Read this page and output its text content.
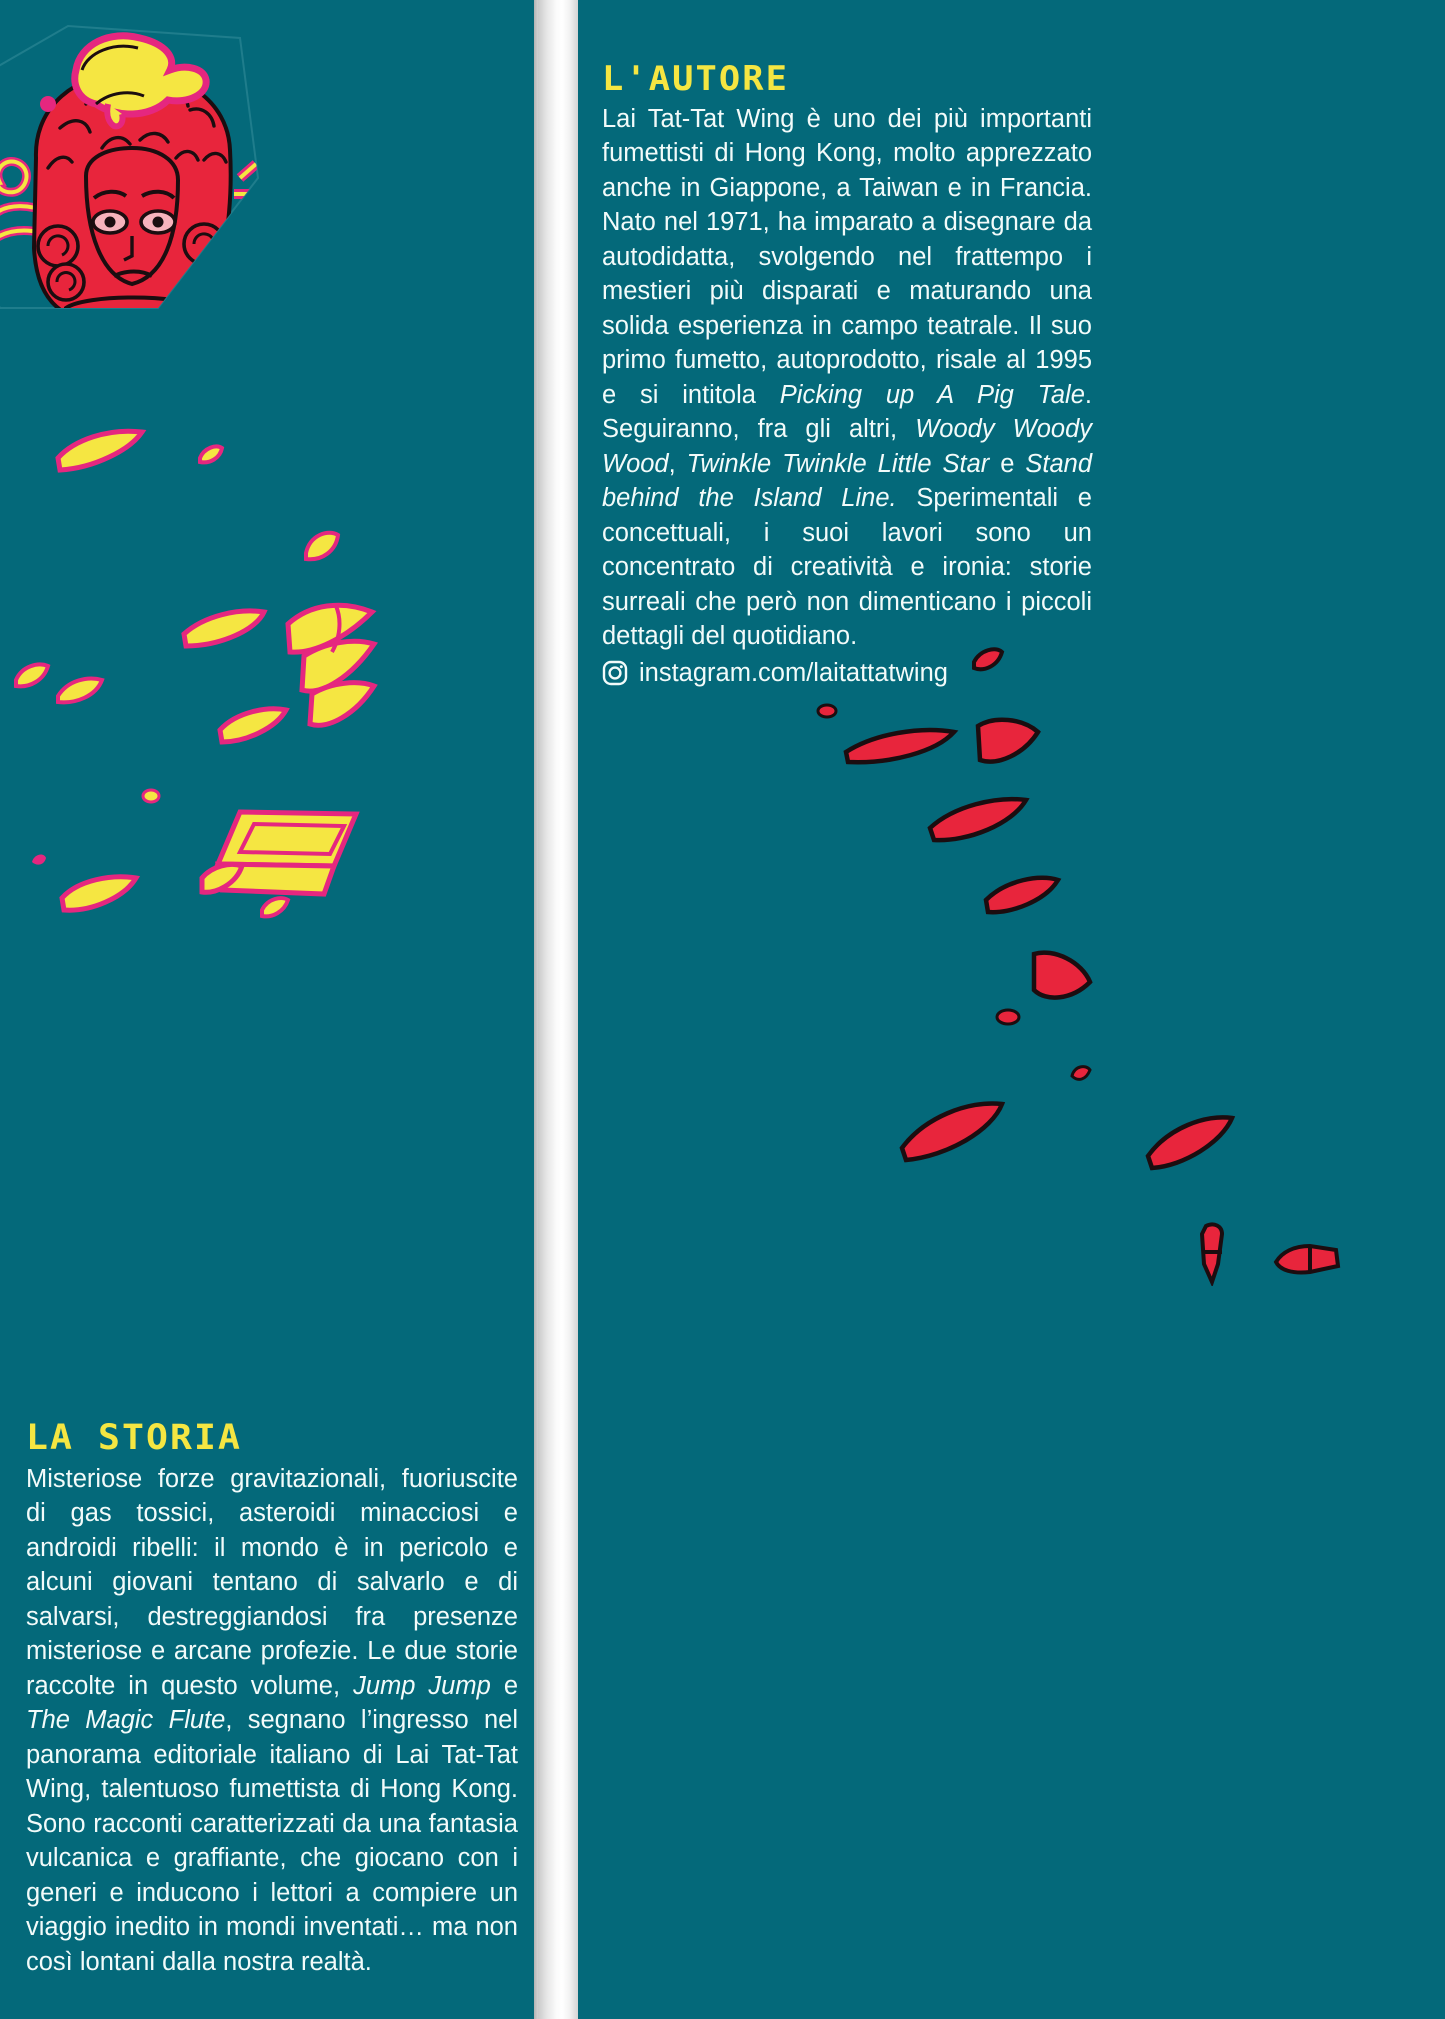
LA STORIA

Misteriose forze gravitazionali, fuoriuscite di gas tossici, asteroidi minacciosi e androidi ribelli: il mondo è in pericolo e alcuni giovani tentano di salvarlo e di salvarsi, destreggiandosi fra presenze misteriose e arcane profezie. Le due storie raccolte in questo volume, Jump Jump e The Magic Flute, segnano l’ingresso nel panorama editoriale italiano di Lai Tat-Tat Wing, talentuoso fumettista di Hong Kong. Sono racconti caratterizzati da una fantasia vulcanica e graffiante, che giocano con i generi e inducono i lettori a compiere un viaggio inedito in mondi inventati… ma non così lontani dalla nostra realtà.

L'AUTORE

Lai Tat-Tat Wing è uno dei più importanti fumettisti di Hong Kong, molto apprezzato anche in Giappone, a Taiwan e in Francia. Nato nel 1971, ha imparato a disegnare da autodidatta, svolgendo nel frattempo i mestieri più disparati e maturando una solida esperienza in campo teatrale. Il suo primo fumetto, autoprodotto, risale al 1995 e si intitola Picking up A Pig Tale. Seguiranno, fra gli altri, Woody Woody Wood, Twinkle Twinkle Little Star e Stand behind the Island Line. Sperimentali e concettuali, i suoi lavori sono un concentrato di creatività e ironia: storie surreali che però non dimenticano i piccoli dettagli del quotidiano.

instagram.com/laitattatwing
